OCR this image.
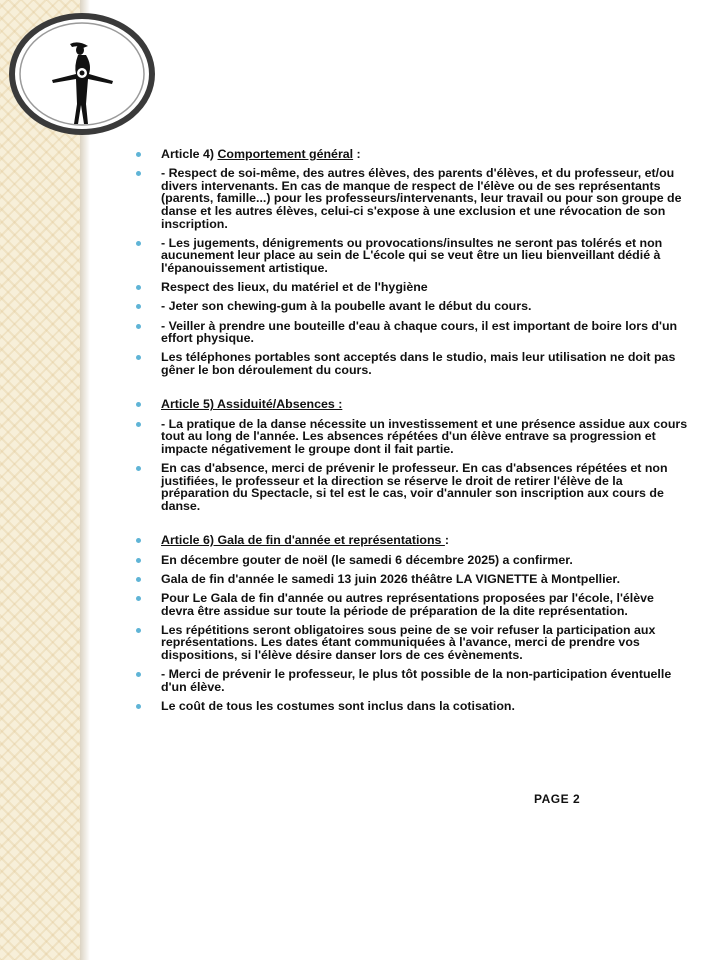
Article 4) Comportement général :
- Respect de soi-même, des autres élèves, des parents d'élèves, et du professeur, et/ou divers intervenants. En cas de manque de respect de l'élève ou de ses représentants (parents, famille...) pour les professeurs/intervenants, leur travail ou pour son groupe de danse et les autres élèves, celui-ci s'expose à une exclusion et une révocation de son inscription.
- Les jugements, dénigrements ou provocations/insultes ne seront pas tolérés et non aucunement leur place au sein de L'école qui se veut être un lieu bienveillant dédié à l'épanouissement artistique.
Respect des lieux, du matériel et de l'hygiène
- Jeter son chewing-gum à la poubelle avant le début du cours.
- Veiller à prendre une bouteille d'eau à chaque cours, il est important de boire lors d'un effort physique.
Les téléphones portables sont acceptés dans le studio, mais leur utilisation ne doit pas gêner le bon déroulement du cours.
Article 5) Assiduité/Absences :
- La pratique de la danse nécessite un investissement et une présence assidue aux cours tout au long de l'année. Les absences répétées d'un élève entrave sa progression et impacte négativement le groupe dont il fait partie.
En cas d'absence, merci de prévenir le professeur. En cas d'absences répétées et non justifiées, le professeur et la direction se réserve le droit de retirer l'élève de la préparation du Spectacle, si tel est le cas, voir d'annuler son inscription aux cours de danse.
Article 6) Gala de fin d'année et représentations :
En décembre gouter de noël (le samedi 6 décembre 2025) a confirmer.
Gala de fin d'année le samedi 13 juin 2026 théâtre LA VIGNETTE à Montpellier.
Pour Le Gala de fin d'année ou autres représentations proposées par l'école, l'élève devra être assidue sur toute la période de préparation de la dite représentation.
Les répétitions seront obligatoires sous peine de se voir refuser la participation aux représentations. Les dates étant communiquées à l'avance, merci de prendre vos dispositions, si l'élève désire danser lors de ces évènements.
- Merci de prévenir le professeur, le plus tôt possible de la non-participation éventuelle d'un élève.
Le coût de tous les costumes sont inclus dans la cotisation.
PAGE 2
